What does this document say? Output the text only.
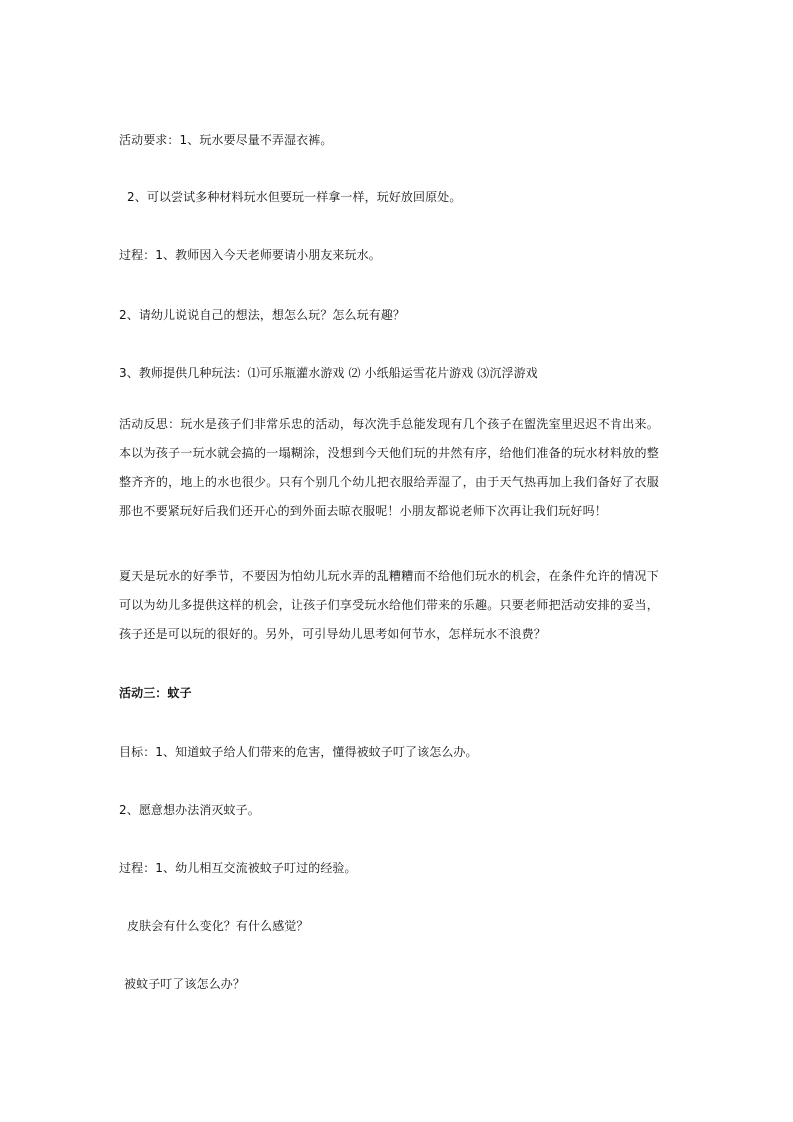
活动要求：1、玩水要尽量不弄湿衣裤。
2、可以尝试多种材料玩水但要玩一样拿一样，玩好放回原处。
过程：1、教师因入今天老师要请小朋友来玩水。
2、请幼儿说说自己的想法，想怎么玩？怎么玩有趣？
3、教师提供几种玩法：⑴可乐瓶灌水游戏 ⑵ 小纸船运雪花片游戏 ⑶沉浮游戏
活动反思：玩水是孩子们非常乐忠的活动，每次洗手总能发现有几个孩子在盥洗室里迟迟不肯出来。本以为孩子一玩水就会搞的一塌糊涂，没想到今天他们玩的井然有序，给他们准备的玩水材料放的整整齐齐的，地上的水也很少。只有个别几个幼儿把衣服给弄湿了，由于天气热再加上我们备好了衣服那也不要紧玩好后我们还开心的到外面去晾衣服呢！小朋友都说老师下次再让我们玩好吗！
夏天是玩水的好季节，不要因为怕幼儿玩水弄的乱糟糟而不给他们玩水的机会，在条件允许的情况下可以为幼儿多提供这样的机会，让孩子们享受玩水给他们带来的乐趣。只要老师把活动安排的妥当，孩子还是可以玩的很好的。另外，可引导幼儿思考如何节水，怎样玩水不浪费？
活动三：蚊子
目标：1、知道蚊子给人们带来的危害，懂得被蚊子叮了该怎么办。
2、愿意想办法消灭蚊子。
过程：1、幼儿相互交流被蚊子叮过的经验。
皮肤会有什么变化？有什么感觉？
被蚊子叮了该怎么办？
